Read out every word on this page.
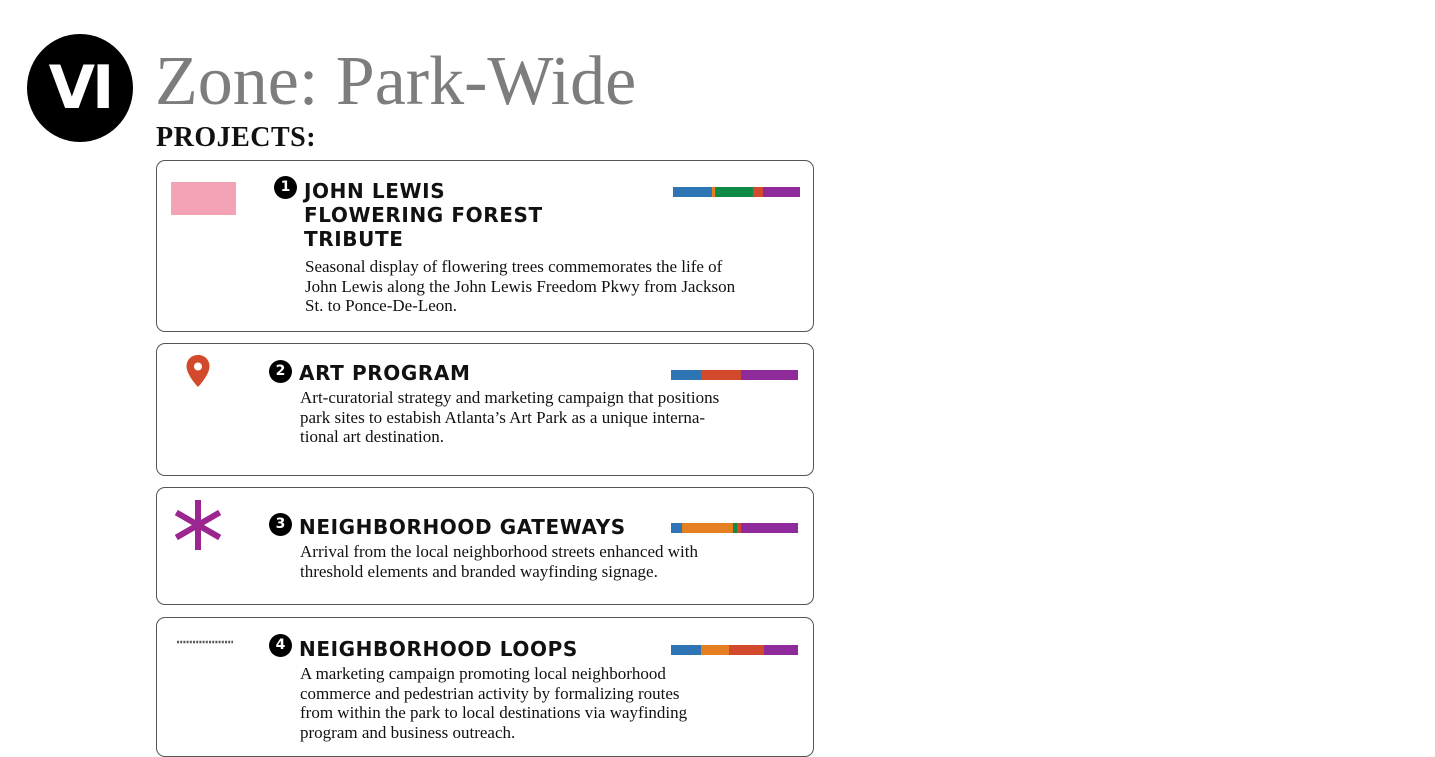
VI Zone: Park-Wide
PROJECTS:
1 JOHN LEWIS
FLOWERING FOREST
TRIBUTE
Seasonal display of flowering trees commemorates the life of
John Lewis along the John Lewis Freedom Pkwy from Jackson
St. to Ponce-De-Leon.
2 ART PROGRAM
Art-curatorial strategy and marketing campaign that positions
park sites to estabish Atlanta’s Art Park as a unique interna-
tional art destination.
3 NEIGHBORHOOD GATEWAYS
Arrival from the local neighborhood streets enhanced with
threshold elements and branded wayfinding signage.
4 NEIGHBORHOOD LOOPS
A marketing campaign promoting local neighborhood
commerce and pedestrian activity by formalizing routes
from within the park to local destinations via wayfinding
program and business outreach.
